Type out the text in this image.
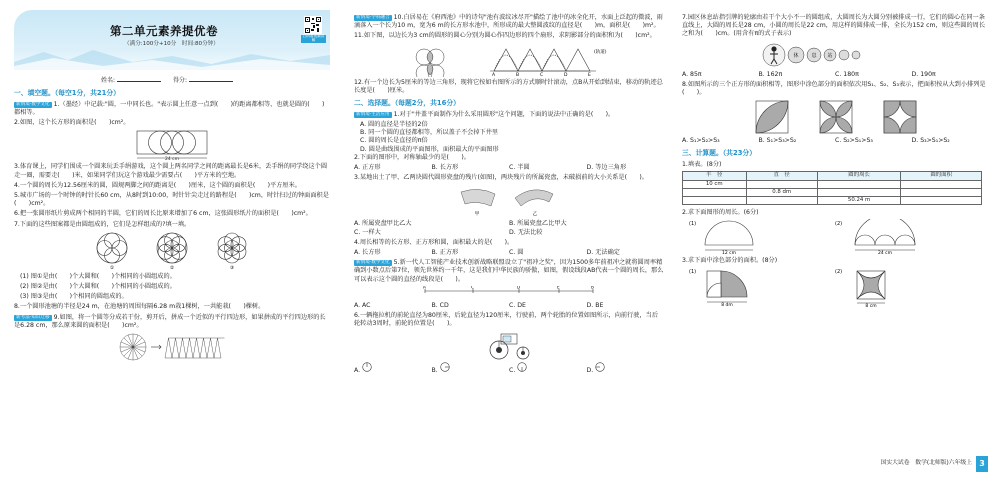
第二单元素养提优卷
（满分:100分+10分　时间:80分钟）
扫码看视频讲解
姓名:	得分:
一、填空题。（每空1分，共21分）
新情境·数学文化 1.（墨经）中记载:"圆，一中同长也。"表示圆上任意一点到(　　)的距离都相等，也就是圆的(　　)都相等。
2.如图，这个长方形的面积是(　　)cm²。
24 cm
3.体育课上，同学们围成一个圆来玩丢手绢游戏，这个圆上两名同学之间的距离最长是6米，丢手绢的同学绕这个圆走一圈，需要走(　　)米，如果同学们玩这个游戏最少需要占(　　)平方米的空地。
4.一个圆的周长为12.56厘米的圆，圆规两脚之间的距离是(　　)厘米，这个圆的面积是(　　)平方厘米。
5.城市广场的一个时钟的时针长60 cm，从8时到10:00，时针针尖走过的路程是(　　)cm，时针扫过的钟面面积是(　　)cm²。
6.把一张圆形纸片剪成两个相同的半圆，它们的周长比原来增加了6 cm，这张圆形纸片的面积是(　　)cm²。
7.下面的这些图案都是由圆组成的，它们是怎样组成的?填一填。
①	②	③
(1) 图①是由(　　)个大圆和(　　)个相同的小圆组成的。
(2) 图②是由(　　)个大圆和(　　)个相同的小圆组成的。
(3) 图③是由(　　)个相同的圆组成的。
8.一个圆形池塘的半径是24 m，在池塘的周围每隔6.28 m栽1棵树，一共能栽(　　)棵树。
新考法·知识迁移 9.如图，将一个圆等分成若干份，剪开后，拼成一个近似的平行四边形，如果拼成的平行四边形的长是6.28 cm，那么原来圆的面积是(　　)cm²。
新情境·学科融合 10.白居易在《府西池》中的诗句"池有波纹冰尽开"描绘了池中的冰全化开，水面上泛起的微波，雨滴落入一个长为10 m，宽为6 m的长方形水池中，所形成的最大整圆波纹的直径是(　　)m，面积是(　　)m²。
11.如下图，以边长为3 cm的圆形的圆心分别为圆心作四边形的四个扇形，求阴影部分的面积和为(　　)cm²。
A	B	C	D	E
(轨道)
12.有一个边长为5厘米的等边三角形，现将它按如右图所示的方式顺时针滚动，点B从开始到结束，移动的轨迹总长度是(　　)厘米。
二、选择题。（每题2分，共16分）
新情境·生活应用 1.对于"井盖平面制作为什么采用圆形"这个问题，下面的说法中正确的是(　　)。
A. 圆的直径是半径的2倍
B. 同一个圆的直径都相等，所以盖子不会掉下井里
C. 圆的周长是直径的π倍
D. 圆是曲线围成的平面图形，面积最大的平面图形
2.下面的图形中，对称轴最少的是(　　)。
A. 正方形	B. 长方形	C. 半圆	D. 等边三角形
3.某地出土了甲、乙两块圆代圆形瓷盘的残片(如图)，两块残片的所属瓷盘，未破损前的大小关系是(　　)。
甲	乙
A. 所属瓷盘甲比乙大	B. 所属瓷盘乙比甲大
C. 一样大	D. 无法比较
4.周长相等的长方形、正方形和圆，面积最大的是(　　)。
A. 长方形	B. 正方形	C. 圆	D. 无法确定
新情境·数学文化 5.新一代人工智能产业技术创新战略联盟设立了"祖冲之奖"，因为1500多年前祖冲之就将圆周率精确到小数点后第7位，领先世界约一千年，这是我们中华民族的骄傲，如图，假设线段AB代表一个圆的周长，那么可以表示这个圆的直径的线段是(　　)。
A	C	D	E	B
A. AC	B. CD	C. DE	D. BE
6.一辆拖拉机的前轮直径为80厘米，后轮直径为120厘米，行驶前，两个轮胎的位置如图所示，向前行驶，当后轮转动3周时，前轮的位置是(　　)。
A.	B.	C.	D.
7.园区休息站指引牌的轮廓由若干个大小不一的圆组成，大圆周长为大圆分别被排成一行，它们的圆心在同一条直线上，大圆的周长是28 cm，小圆的周长是22 cm，用这样的圆排成一排，全长为152 cm，则这些圆的周长之和为(　　)cm。(用含有π的式子表示)
休	息 站
A. 85π	B. 162π	C. 180π	D. 190π
8.如图所示的三个正方形的面积相等，图形中涂色部分的面积依次用S₁、S₂、S₃表示，把面积按从大到小排列是(　　)。
A. S₁>S₂>S₃	B. S₁>S₃>S₂	C. S₂>S₁>S₃	D. S₃>S₁>S₂
三、计算题。（共23分）
1.填表。(8分)
半　径	直　径	圆的周长	圆的面积
10 cm			
	0.8 dm		
		50.24 m	
2.求下面图形的周长。(6分)
(1)
12 cm
(2)
24 cm
3.求下面中涂色部分的面积。(8分)
(1)
8 dm
(2)
8 cm
国实大试卷　数学(北师版)六年级上 3
